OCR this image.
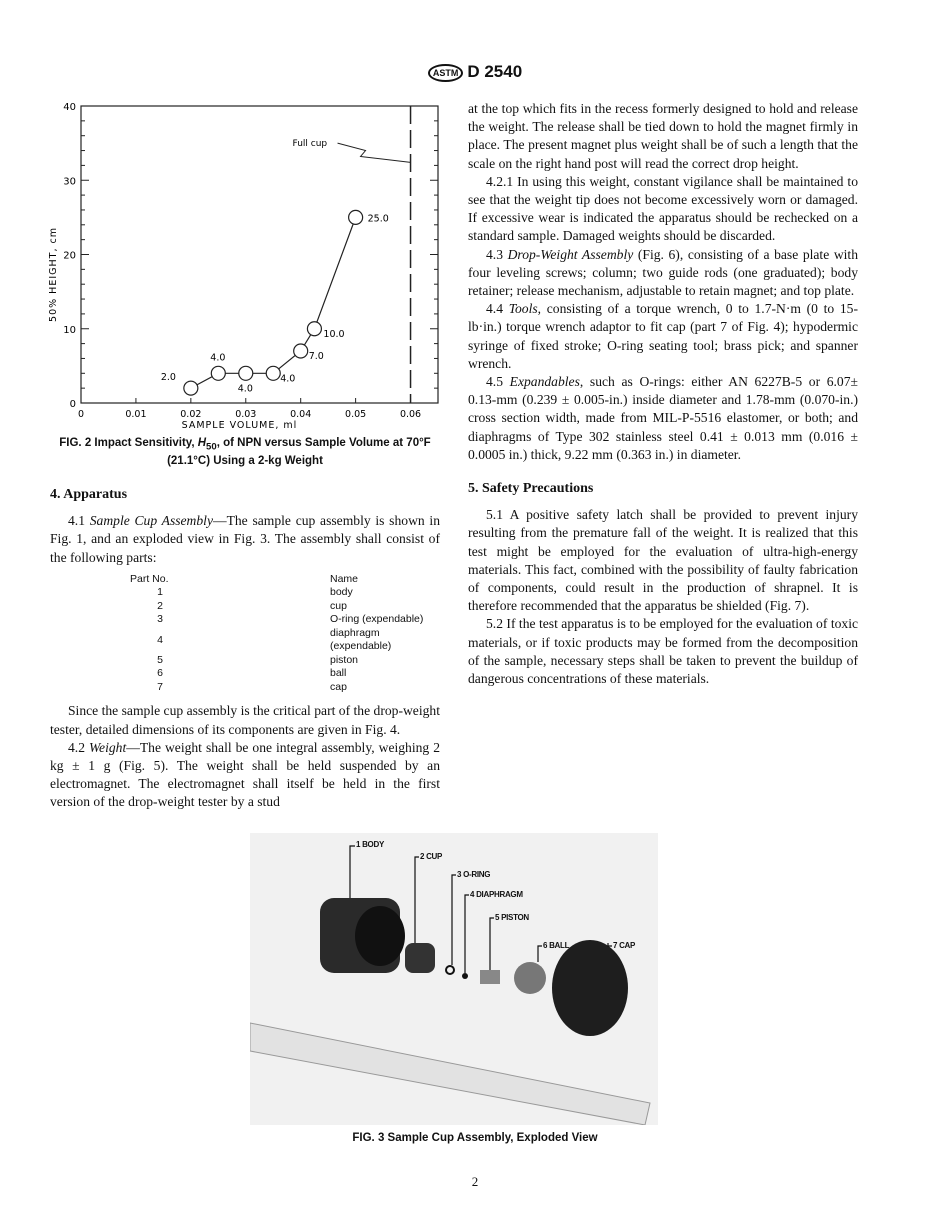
ASTM D 2540
0
10
20
30
40
0	0.01	0.02	0.03	0.04	0.05	0.06
SAMPLE VOLUME, ml
50% HEIGHT, cm
Full cup
2.0
4.0
4.0
4.0
7.0
10.0
25.0
FIG. 2 Impact Sensitivity, $H_{50}$, of NPN versus Sample Volume at 70°F (21.1°C) Using a 2-kg Weight
4. Apparatus

4.1 Sample Cup Assembly—The sample cup assembly is shown in Fig. 1, and an exploded view in Fig. 3. The assembly shall consist of the following parts:

Part No.	Name
1	body
2	cup
3	O-ring (expendable)
4	diaphragm (expendable)
5	piston
6	ball
7	cap

Since the sample cup assembly is the critical part of the drop-weight tester, detailed dimensions of its components are given in Fig. 4.

4.2 Weight—The weight shall be one integral assembly, weighing 2 kg ± 1 g (Fig. 5). The weight shall be held suspended by an electromagnet. The electromagnet shall itself be held in the first version of the drop-weight tester by a stud

at the top which fits in the recess formerly designed to hold and release the weight. The release shall be tied down to hold the magnet firmly in place. The present magnet plus weight shall be of such a length that the scale on the right hand post will read the correct drop height.

4.2.1 In using this weight, constant vigilance shall be maintained to see that the weight tip does not become excessively worn or damaged. If excessive wear is indicated the apparatus should be rechecked on a standard sample. Damaged weights should be discarded.

4.3 Drop-Weight Assembly (Fig. 6), consisting of a base plate with four leveling screws; column; two guide rods (one graduated); body retainer; release mechanism, adjustable to retain magnet; and top plate.

4.4 Tools, consisting of a torque wrench, 0 to 1.7-N·m (0 to 15-lb·in.) torque wrench adaptor to fit cap (part 7 of Fig. 4); hypodermic syringe of fixed stroke; O-ring seating tool; brass pick; and spanner wrench.

4.5 Expandables, such as O-rings: either AN 6227B-5 or 6.07± 0.13-mm (0.239 ± 0.005-in.) inside diameter and 1.78-mm (0.070-in.) cross section width, made from MIL-P-5516 elastomer, or both; and diaphragms of Type 302 stainless steel 0.41 ± 0.013 mm (0.016 ± 0.0005 in.) thick, 9.22 mm (0.363 in.) in diameter.

5. Safety Precautions

5.1 A positive safety latch shall be provided to prevent injury resulting from the premature fall of the weight. It is realized that this test might be employed for the evaluation of ultra-high-energy materials. This fact, combined with the possibility of faulty fabrication of components, could result in the production of shrapnel. It is therefore recommended that the apparatus be shielded (Fig. 7).

5.2 If the test apparatus is to be employed for the evaluation of toxic materials, or if toxic products may be formed from the decomposition of the sample, necessary steps shall be taken to prevent the buildup of dangerous concentrations of these materials.

1 BODY
2 CUP
3 O-RING
4 DIAPHRAGM
5 PISTON
6 BALL	7 CAP
FIG. 3 Sample Cup Assembly, Exploded View
2
